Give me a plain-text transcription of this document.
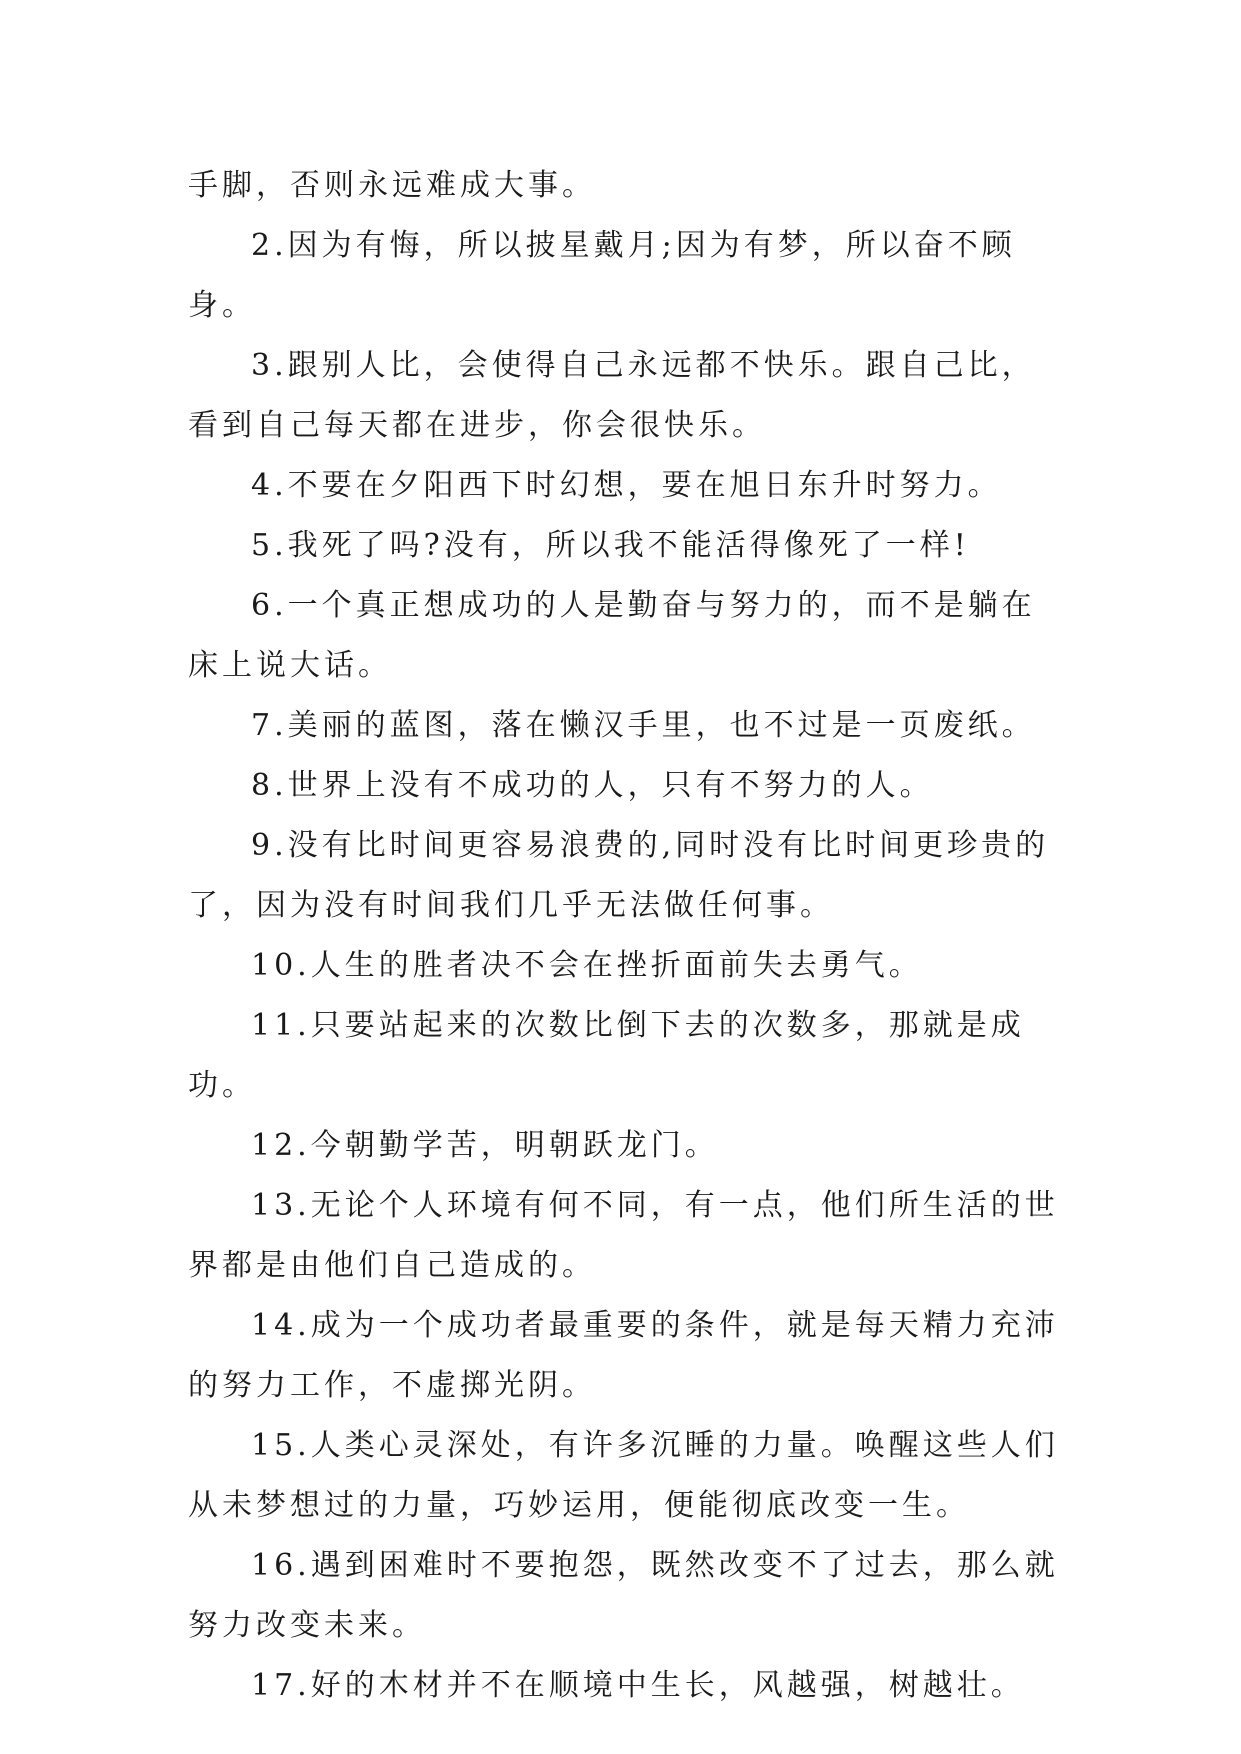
手脚，否则永远难成大事。

2.因为有悔，所以披星戴月;因为有梦，所以奋不顾身。

3.跟别人比，会使得自己永远都不快乐。跟自己比，看到自己每天都在进步，你会很快乐。

4.不要在夕阳西下时幻想，要在旭日东升时努力。

5.我死了吗?没有，所以我不能活得像死了一样!

6.一个真正想成功的人是勤奋与努力的，而不是躺在床上说大话。

7.美丽的蓝图，落在懒汉手里，也不过是一页废纸。

8.世界上没有不成功的人，只有不努力的人。

9.没有比时间更容易浪费的,同时没有比时间更珍贵的了，因为没有时间我们几乎无法做任何事。

10.人生的胜者决不会在挫折面前失去勇气。

11.只要站起来的次数比倒下去的次数多，那就是成功。

12.今朝勤学苦，明朝跃龙门。

13.无论个人环境有何不同，有一点，他们所生活的世界都是由他们自己造成的。

14.成为一个成功者最重要的条件，就是每天精力充沛的努力工作，不虚掷光阴。

15.人类心灵深处，有许多沉睡的力量。唤醒这些人们从未梦想过的力量，巧妙运用，便能彻底改变一生。

16.遇到困难时不要抱怨，既然改变不了过去，那么就努力改变未来。

17.好的木材并不在顺境中生长，风越强，树越壮。
